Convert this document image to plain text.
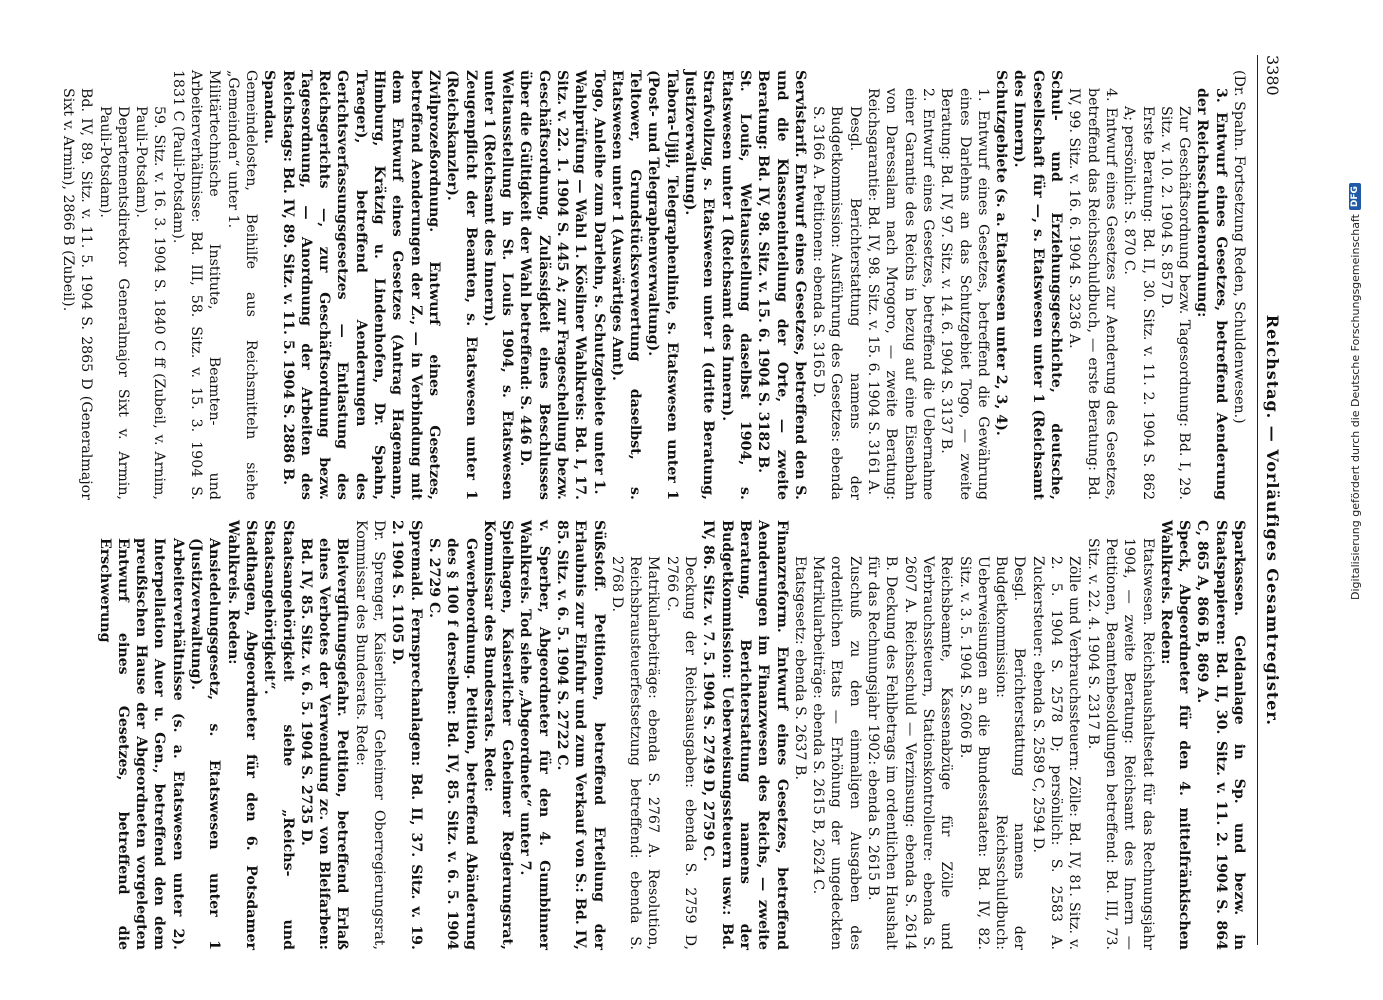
3380
Reichstag. — Vorläufiges Gesamtregister.

(Dr. Spahn. Fortsetzung Reden, Schuldenwesen.)

3. Entwurf eines Gesetzes, betreffend Aenderung der Reichsschuldenordnung:

Zur Geschäftsordnung bezw. Tagesordnung: Bd. I, 29. Sitz. v. 10. 2. 1904 S. 857 D.

Erste Beratung: Bd. II, 30. Sitz. v. 11. 2. 1904 S. 862 A; persönlich: S. 870 C.

4. Entwurf eines Gesetzes zur Aenderung des Gesetzes, betreffend das Reichsschuldbuch, — erste Beratung: Bd. IV, 99. Sitz. v. 16. 6. 1904 S. 3236 A.

Schul- und Erziehungsgeschichte, deutsche, Gesellschaft für —, s. Etatswesen unter 1 (Reichsamt des Innern).

Schutzgebiete (s. a. Etatswesen unter 2, 3, 4).

1. Entwurf eines Gesetzes, betreffend die Gewährung eines Darlehns an das Schutzgebiet Togo, — zweite Beratung: Bd. IV, 97. Sitz. v. 14. 6. 1904 S. 3137 B.

2. Entwurf eines Gesetzes, betreffend die Uebernahme einer Garantie des Reichs in bezug auf eine Eisenbahn von Daressalam nach Mrogoro, — zweite Beratung: Reichsgarantie: Bd. IV, 98. Sitz. v. 15. 6. 1904 S. 3161 A.

Desgl. Berichterstattung namens der Budgetkommission: Ausführung des Gesetzes: ebenda S. 3166 A. Petitionen: ebenda S. 3165 D.

Servistarif. Entwurf eines Gesetzes, betreffend den S. und die Klasseneinteilung der Orte, — zweite Beratung: Bd. IV, 98. Sitz. v. 15. 6. 1904 S. 3182 B.

St. Louis, Weltausstellung daselbst 1904, s. Etatswesen unter 1 (Reichsamt des Innern).

Strafvollzug, s. Etatswesen unter 1 (dritte Beratung, Justizverwaltung).

Tabora-Ujiji, Telegraphenlinie, s. Etatswesen unter 1 (Post- und Telegraphenverwaltung).

Teltower, Grundstücksverwertung daselbst, s. Etatswesen unter 1 (Auswärtiges Amt).

Togo, Anleihe zum Darlehn, s. Schutzgebiete unter 1.

Wahlprüfung — Wahl 1. Kösliner Wahlkreis: Bd. I, 17. Sitz. v. 22. 1. 1904 S. 445 A; zur Frageschellung bezw. Geschäftsordnung, Zulässigkeit eines Beschlusses über die Gültigkeit der Wahl betreffend: S. 446 D.

Weltausstellung in St. Louis 1904, s. Etatswesen unter 1 (Reichsamt des Innern).

Zeugenpflicht der Beamten, s. Etatswesen unter 1 (Reichskanzler).

Zivilprozeßordnung. Entwurf eines Gesetzes, betreffend Aenderungen der Z., — in Verbindung mit dem Entwurf eines Gesetzes (Antrag Hagemann, Himburg, Krätzig u. Lindenhofen, Dr. Spahn, Traeger), betreffend Aenderungen des Gerichtsverfassungsgesetzes — Entlastung des Reichsgerichts —, zur Geschäftsordnung bezw. Tagesordnung, — Anordnung der Arbeiten des Reichstags: Bd. IV, 89. Sitz. v. 11. 5. 1904 S. 2886 B.

Spandau.

Gemeindelosten, Beihilfe aus Reichsmitteln siehe „Gemeinden“ unter 1.

Militärtechnische Institute, Beamten- und Arbeiterverhältnisse: Bd. III, 58. Sitz. v. 15. 3. 1904 S. 1831 C (Pauli-Potsdam).

59. Sitz. v. 16. 3. 1904 S. 1840 C ff (Zubeil, v. Arnim, Pauli-Potsdam).

Departementsdirektor Generalmajor Sixt v. Armin, Pauli-Potsdam).

Bd. IV, 89. Sitz. v. 11. 5. 1904 S. 2865 D (Generalmajor Sixt v. Armin), 2866 B (Zubeil).

Sparkassen. Geldanlage in Sp. und bezw. in Staatspapieren: Bd. II, 30. Sitz. v. 11. 2. 1904 S. 864 C, 865 A, 866 B, 869 A.

Speck, Abgeordneter für den 4. mittelfränkischen Wahlkreis. Reden:

Etatswesen. Reichshaushaltsetat für das Rechnungsjahr 1904, — zweite Beratung: Reichsamt des Innern — Petitionen, Beamtenbesoldungen betreffend: Bd. III, 73. Sitz. v. 22. 4. 1904 S. 2317 B.

Zölle und Verbrauchssteuern: Zölle: Bd. IV, 81. Sitz. v. 2. 5. 1904 S. 2578 D; persönlich: S. 2583 A. Zuckersteuer: ebenda S. 2589 C, 2594 D.

Desgl. Berichterstattung namens der Budgetkommission: Reichsschuldbuch: Ueberweisungen an die Bundesstaaten: Bd. IV, 82. Sitz. v. 3. 5. 1904 S. 2606 B.

Reichsbeamte, Kassenabzüge für Zölle und Verbrauchssteuern, Stationskontrolleure: ebenda S. 2607 A. Reichsschuld — Verzinsung: ebenda S. 2614 B. Deckung des Fehlbetrags im ordentlichen Haushalt für das Rechnungsjahr 1902: ebenda S. 2615 B.

Zuschuß zu den einmaligen Ausgaben des ordentlichen Etats — Erhöhung der ungedeckten Matrikularbeiträge: ebenda S. 2615 B, 2624 C.

Etatsgesetz: ebenda S. 2637 B.

Finanzreform. Entwurf eines Gesetzes, betreffend Aenderungen im Finanzwesen des Reichs, — zweite Beratung, Berichterstattung namens der Budgetkommission: Ueberweisungssteuern usw.: Bd. IV, 86. Sitz. v. 7. 5. 1904 S. 2749 D, 2759 C.

Deckung der Reichsausgaben: ebenda S. 2759 D, 2766 C.

Matrikularbeiträge: ebenda S. 2767 A. Resolution, Reichsbrausteuerfestsetzung betreffend: ebenda S. 2768 D.

Süßstoff. Petitionen, betreffend Erteilung der Erlaubnis zur Einfuhr und zum Verkauf von S.: Bd. IV, 85. Sitz. v. 6. 5. 1904 S. 2722 C.

v. Sperber, Abgeordneter für den 4. Gumbinner Wahlkreis. Tod siehe „Abgeordnete“ unter 7.

Spielhagen, Kaiserlicher Geheimer Regierungsrat, Kommissar des Bundesrats. Rede:

Gewerbeordnung. Petition, betreffend Abänderung des § 100 f derselben: Bd. IV, 85. Sitz. v. 6. 5. 1904 S. 2729 C.

Spremald. Fernsprechanlagen: Bd. II, 37. Sitz. v. 19. 2. 1904 S. 1105 D.

Dr. Sprenger, Kaiserlicher Geheimer Oberregierungsrat, Kommissar des Bundesrats. Rede:

Bleivergiftungsgefahr. Petition, betreffend Erlaß eines Verbotes der Verwendung zc. von Bleifarben: Bd. IV, 85. Sitz. v. 6. 5. 1904 S. 2735 D.

Staatsangehörigkeit siehe „Reichs- und Staatsangehörigkeit“.

Stadthagen, Abgeordneter für den 6. Potsdamer Wahlkreis. Reden:

Ansiedelungsgesetz, s. Etatswesen unter 1 (Justizverwaltung).

Arbeiterverhältnisse (s. a. Etatswesen unter 2). Interpellation Auer u. Gen., betreffend den dem preußischen Hause der Abgeordneten vorgelegten Entwurf eines Gesetzes, betreffend die Erschwerung	Digitalisierung gefördert durch die Deutsche Forschungsgemeinschaft
DFG
